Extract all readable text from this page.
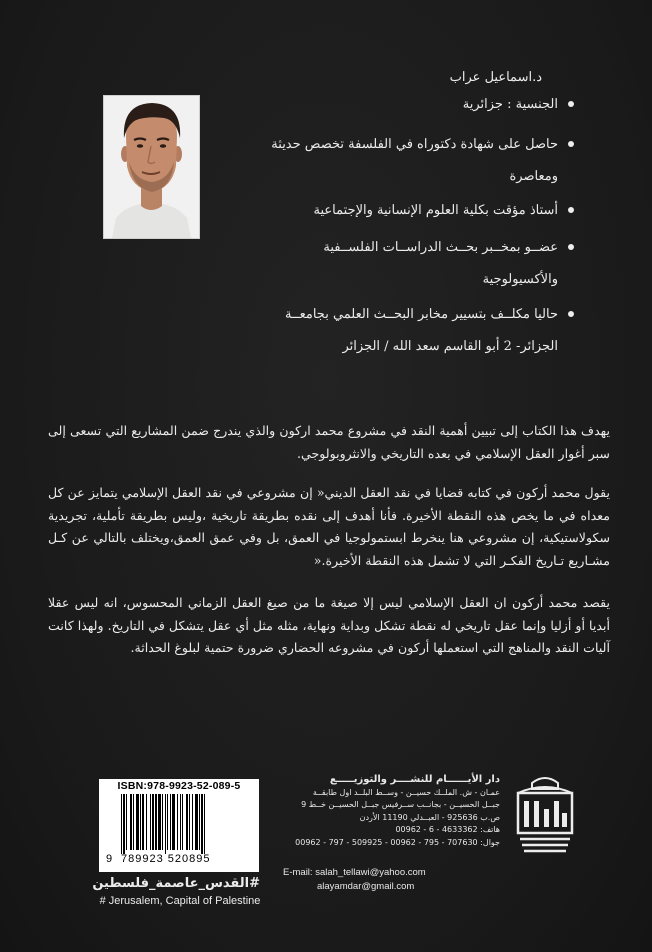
د.اسماعيل عراب
الجنسية : جزائرية
حاصل على شهادة دكتوراه في الفلسفة تخصص حديثة
ومعاصرة
أستاذ مؤقت بكلية العلوم الإنسانية والإجتماعية
عضــو بمخــبر بحــث الدراســات الفلســفية
والأكسيولوجية
حاليا مكلــف بتسيير مخابر البحــث العلمي بجامعــة
الجزائر- 2 أبو القاسم سعد الله / الجزائر

يهدف هذا الكتاب إلى تبيين أهمية النقد في مشروع محمد اركون والذي يندرج ضمن المشاريع التي تسعى إلى سبر أغوار العقل الإسلامي في بعده التاريخي والانثروبولوجي.

يقول محمد أركون في كتابه قضايا في نقد العقل الديني« إن مشروعي في نقد العقل الإسلامي يتمايز عن كل معداه في ما يخص هذه النقطة الأخيرة. فأنا أهدف إلى نقده بطريقة تاريخية ،وليس بطريقة تأملية، تجريدية سكولاستيكية، إن مشروعي هنا ينخرط ابستمولوجيا في العمق، بل وفي عمق العمق،ويختلف بالتالي عن كـل مشـاريع تـاريخ الفكـر التي لا تشمل هذه النقطة الأخيرة.«

يقصد محمد أركون ان العقل الإسلامي ليس إلا صيغة ما من صيغ العقل الزماني المحسوس، انه ليس عقلا أبديا أو أزليا وإنما عقل تاريخي له نقطة تشكل وبداية ونهاية، مثله مثل أي عقل يتشكل في التاريخ. ولهذا كانت آليات النقد والمناهج التي استعملها أركون في مشروعه الحضاري ضرورة حتمية لبلوغ الحداثة.

ISBN:978-9923-52-089-5
9 789923 520895
#القدس_عاصمة_فلسطين
# Jerusalem, Capital of Palestine
دار الأيــــــام للنشــــر والتوزيـــــع
عمـان - ش. الملــك حسيــن - وســط البلــد اول طابقــة
جبــل الحسيــن - بجانــب ســرفيس جبــل الحسيــن خــط 9
ص.ب 925636 - العبــدلي 11190 الأردن
هاتف: 4633362 - 6 - 00962
جوال: 707630 - 795 - 00962 - 509925 - 797 - 00962
E-mail: salah_tellawi@yahoo.com
alayamdar@gmail.com
